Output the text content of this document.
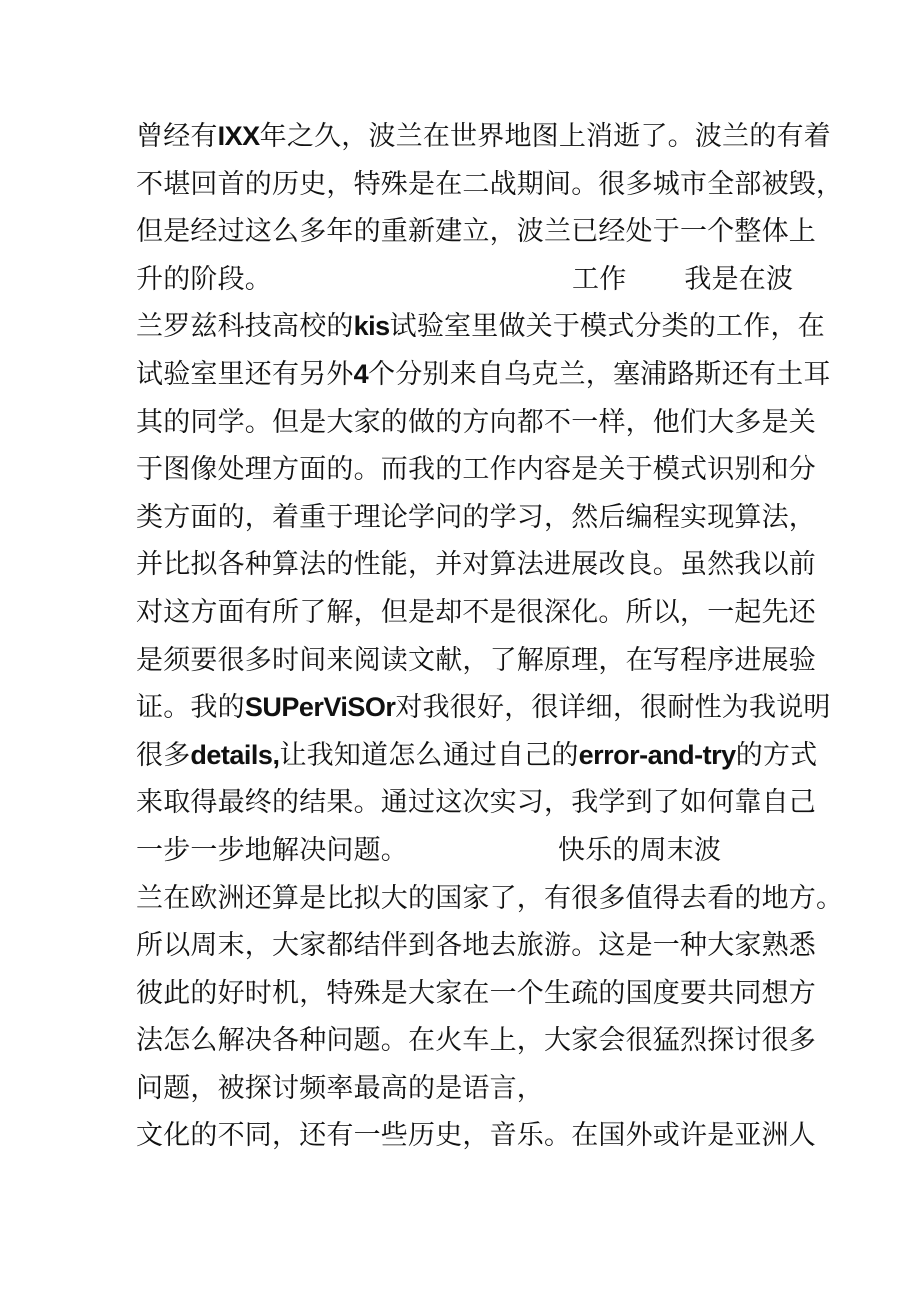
曾经有IXX年之久，波兰在世界地图上消逝了。波兰的有着
不堪回首的历史，特殊是在二战期间。很多城市全部被毁，
但是经过这么多年的重新建立，波兰已经处于一个整体上
升的阶段。	工作 我是在波
兰罗兹科技高校的kis试验室里做关于模式分类的工作，在
试验室里还有另外4个分别来自乌克兰，塞浦路斯还有土耳
其的同学。但是大家的做的方向都不一样，他们大多是关
于图像处理方面的。而我的工作内容是关于模式识别和分
类方面的，着重于理论学问的学习，然后编程实现算法，
并比拟各种算法的性能，并对算法进展改良。虽然我以前
对这方面有所了解，但是却不是很深化。所以，一起先还
是须要很多时间来阅读文献，了解原理，在写程序进展验
证。我的SUPerViSOr对我很好，很详细，很耐性为我说明
很多details,让我知道怎么通过自己的error-and-try的方式
来取得最终的结果。通过这次实习，我学到了如何靠自己
一步一步地解决问题。	快乐的周末波
兰在欧洲还算是比拟大的国家了，有很多值得去看的地方。
所以周末，大家都结伴到各地去旅游。这是一种大家熟悉
彼此的好时机，特殊是大家在一个生疏的国度要共同想方
法怎么解决各种问题。在火车上，大家会很猛烈探讨很多
问题，被探讨频率最高的是语言，
文化的不同，还有一些历史，音乐。在国外或许是亚洲人
